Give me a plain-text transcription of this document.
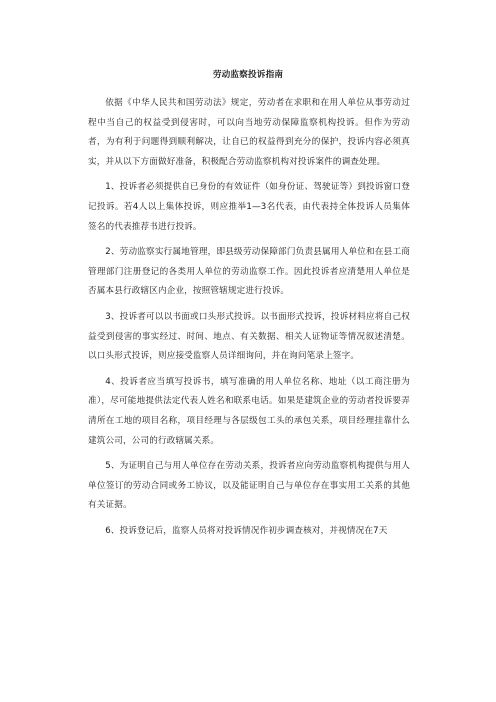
劳动监察投诉指南

依据《中华人民共和国劳动法》规定，劳动者在求职和在用人单位从事劳动过程中当自己的权益受到侵害时，可以向当地劳动保障监察机构投诉。但作为劳动者，为有利于问题得到顺利解决，让自已的权益得到充分的保护，投诉内容必须真实，并从以下方面做好准备，积极配合劳动监察机构对投诉案件的调查处理。

1、投诉者必须提供自已身份的有效证件（如身份证、驾驶证等）到投诉窗口登记投诉。若4人以上集体投诉，则应推举1—3名代表，由代表持全体投诉人员集体签名的代表推荐书进行投诉。

2、劳动监察实行属地管理，即县级劳动保障部门负责县属用人单位和在县工商管理部门注册登记的各类用人单位的劳动监察工作。因此投诉者应清楚用人单位是否属本县行政辖区内企业，按照管辖规定进行投诉。

3、投诉者可以以书面或口头形式投诉。以书面形式投诉，投诉材料应将自己权益受到侵害的事实经过、时间、地点、有关数据、相关人证物证等情况叙述清楚。以口头形式投诉，则应接受监察人员详细询问，并在询问笔录上签字。

4、投诉者应当填写投诉书，填写准确的用人单位名称、地址（以工商注册为准），尽可能地提供法定代表人姓名和联系电话。如果是建筑企业的劳动者投诉要弄清所在工地的项目名称，项目经理与各层级包工头的承包关系，项目经理挂靠什么建筑公司，公司的行政辖属关系。

5、为证明自己与用人单位存在劳动关系，投诉者应向劳动监察机构提供与用人单位签订的劳动合同或务工协议，以及能证明自己与单位存在事实用工关系的其他有关证据。

6、投诉登记后，监察人员将对投诉情况作初步调查核对，并视情况在7天
